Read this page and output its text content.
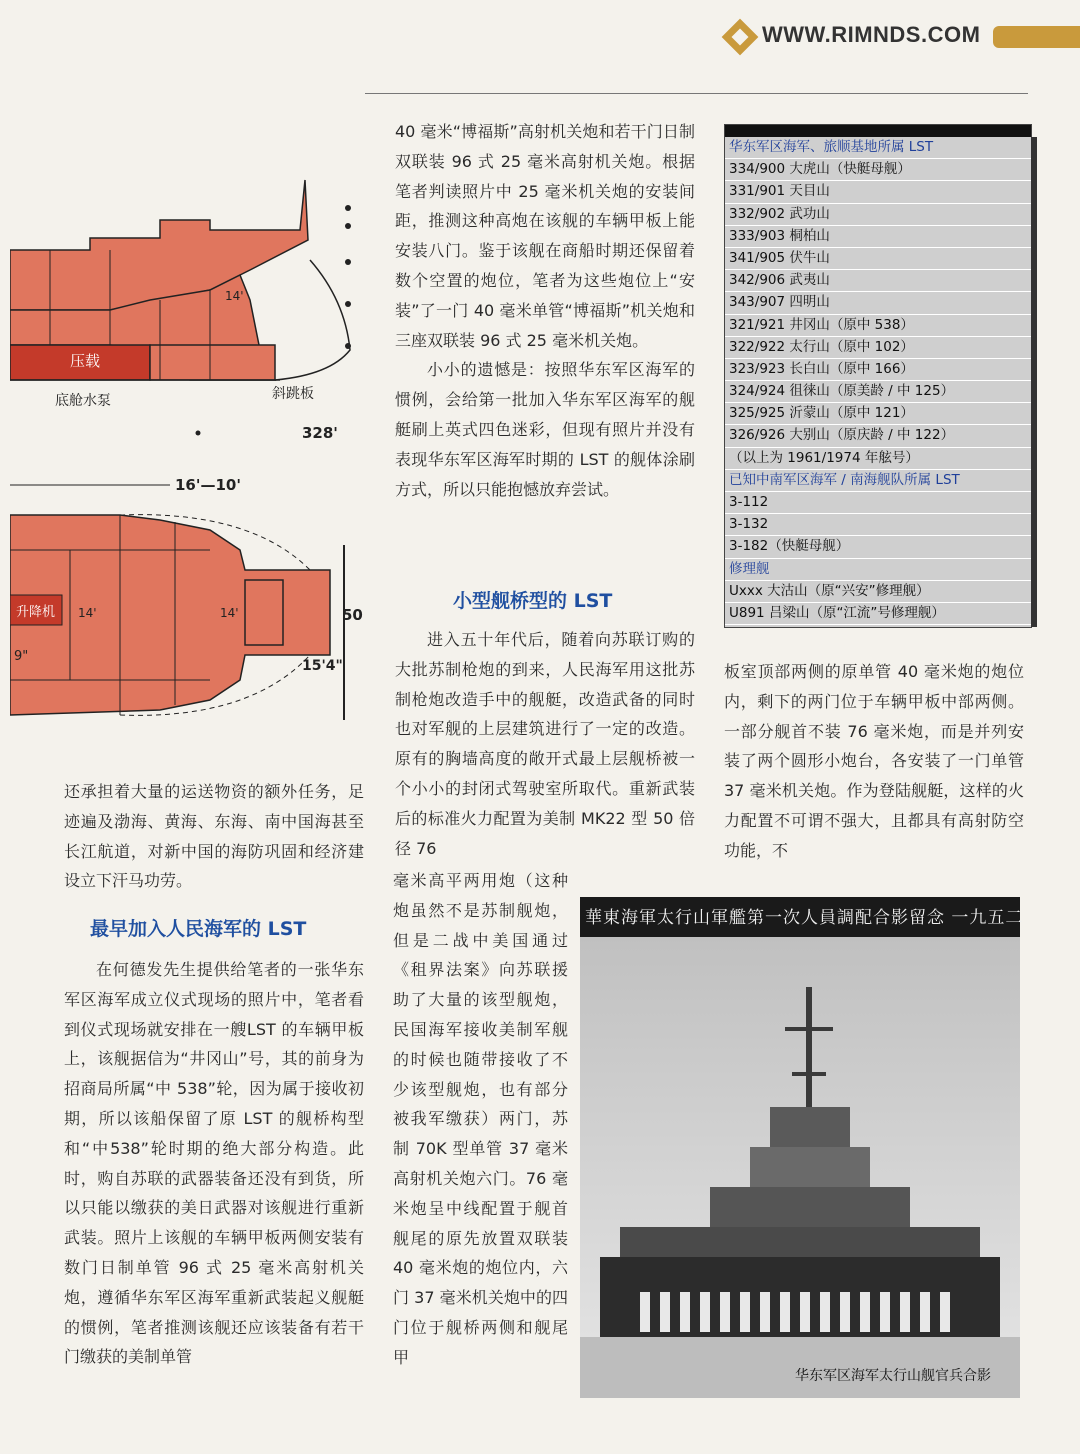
WWW.RIMNDS.COM
压载
14'
底舱水泵	斜跳板
328'
16'—10'
升降机 14'	14'
9"
50
15'4"

还承担着大量的运送物资的额外任务，足迹遍及渤海、黄海、东海、南中国海甚至长江航道，对新中国的海防巩固和经济建设立下汗马功劳。

最早加入人民海军的 LST

在何德发先生提供给笔者的一张华东军区海军成立仪式现场的照片中，笔者看到仪式现场就安排在一艘LST 的车辆甲板上，该舰据信为“井冈山”号，其的前身为招商局所属“中 538”轮，因为属于接收初期，所以该船保留了原 LST 的舰桥构型和“中538”轮时期的绝大部分构造。此时，购自苏联的武器装备还没有到货，所以只能以缴获的美日武器对该舰进行重新武装。照片上该舰的车辆甲板两侧安装有数门日制单管 96 式 25 毫米高射机关炮，遵循华东军区海军重新武装起义舰艇的惯例，笔者推测该舰还应该装备有若干门缴获的美制单管

40 毫米“博福斯”高射机关炮和若干门日制双联装 96 式 25 毫米高射机关炮。根据笔者判读照片中 25 毫米机关炮的安装间距，推测这种高炮在该舰的车辆甲板上能安装八门。鉴于该舰在商船时期还保留着数个空置的炮位，笔者为这些炮位上“安装”了一门 40 毫米单管“博福斯”机关炮和三座双联装 96 式 25 毫米机关炮。

小小的遗憾是：按照华东军区海军的惯例，会给第一批加入华东军区海军的舰艇刷上英式四色迷彩，但现有照片并没有表现华东军区海军时期的 LST 的舰体涂刷方式，所以只能抱憾放弃尝试。

小型舰桥型的 LST

进入五十年代后，随着向苏联订购的大批苏制枪炮的到来，人民海军用这批苏制枪炮改造手中的舰艇，改造武备的同时也对军舰的上层建筑进行了一定的改造。原有的胸墙高度的敞开式最上层舰桥被一个小小的封闭式驾驶室所取代。重新武装后的标准火力配置为美制 MK22 型 50 倍径 76

毫米高平两用炮（这种炮虽然不是苏制舰炮，但是二战中美国通过《租界法案》向苏联援助了大量的该型舰炮，民国海军接收美制军舰的时候也随带接收了不少该型舰炮，也有部分被我军缴获）两门，苏制 70K 型单管 37 毫米高射机关炮六门。76 毫米炮呈中线配置于舰首舰尾的原先放置双联装 40 毫米炮的炮位内，六门 37 毫米机关炮中的四门位于舰桥两侧和舰尾甲

板室顶部两侧的原单管 40 毫米炮的炮位内，剩下的两门位于车辆甲板中部两侧。一部分舰首不装 76 毫米炮，而是并列安装了两个圆形小炮台，各安装了一门单管 37 毫米机关炮。作为登陆舰艇，这样的火力配置不可谓不强大，且都具有高射防空功能，不

华东军区海军、旅顺基地所属 LST
334/900 大虎山（快艇母舰）
331/901 天目山
332/902 武功山
333/903 桐柏山
341/905 伏牛山
342/906 武夷山
343/907 四明山
321/921 井冈山（原中 538）
322/922 太行山（原中 102）
323/923 长白山（原中 166）
324/924 徂徕山（原美龄 / 中 125）
325/925 沂蒙山（原中 121）
326/926 大别山（原庆龄 / 中 122）
（以上为 1961/1974 年舷号）
已知中南军区海军 / 南海舰队所属 LST
3-112
3-132
3-182（快艇母舰）
修理舰
Uxxx 大沽山（原“兴安”修理舰）
U891 吕梁山（原“江流”号修理舰）
華東海軍太行山軍艦第一次人員調配合影留念 一九五二
华东军区海军太行山舰官兵合影
